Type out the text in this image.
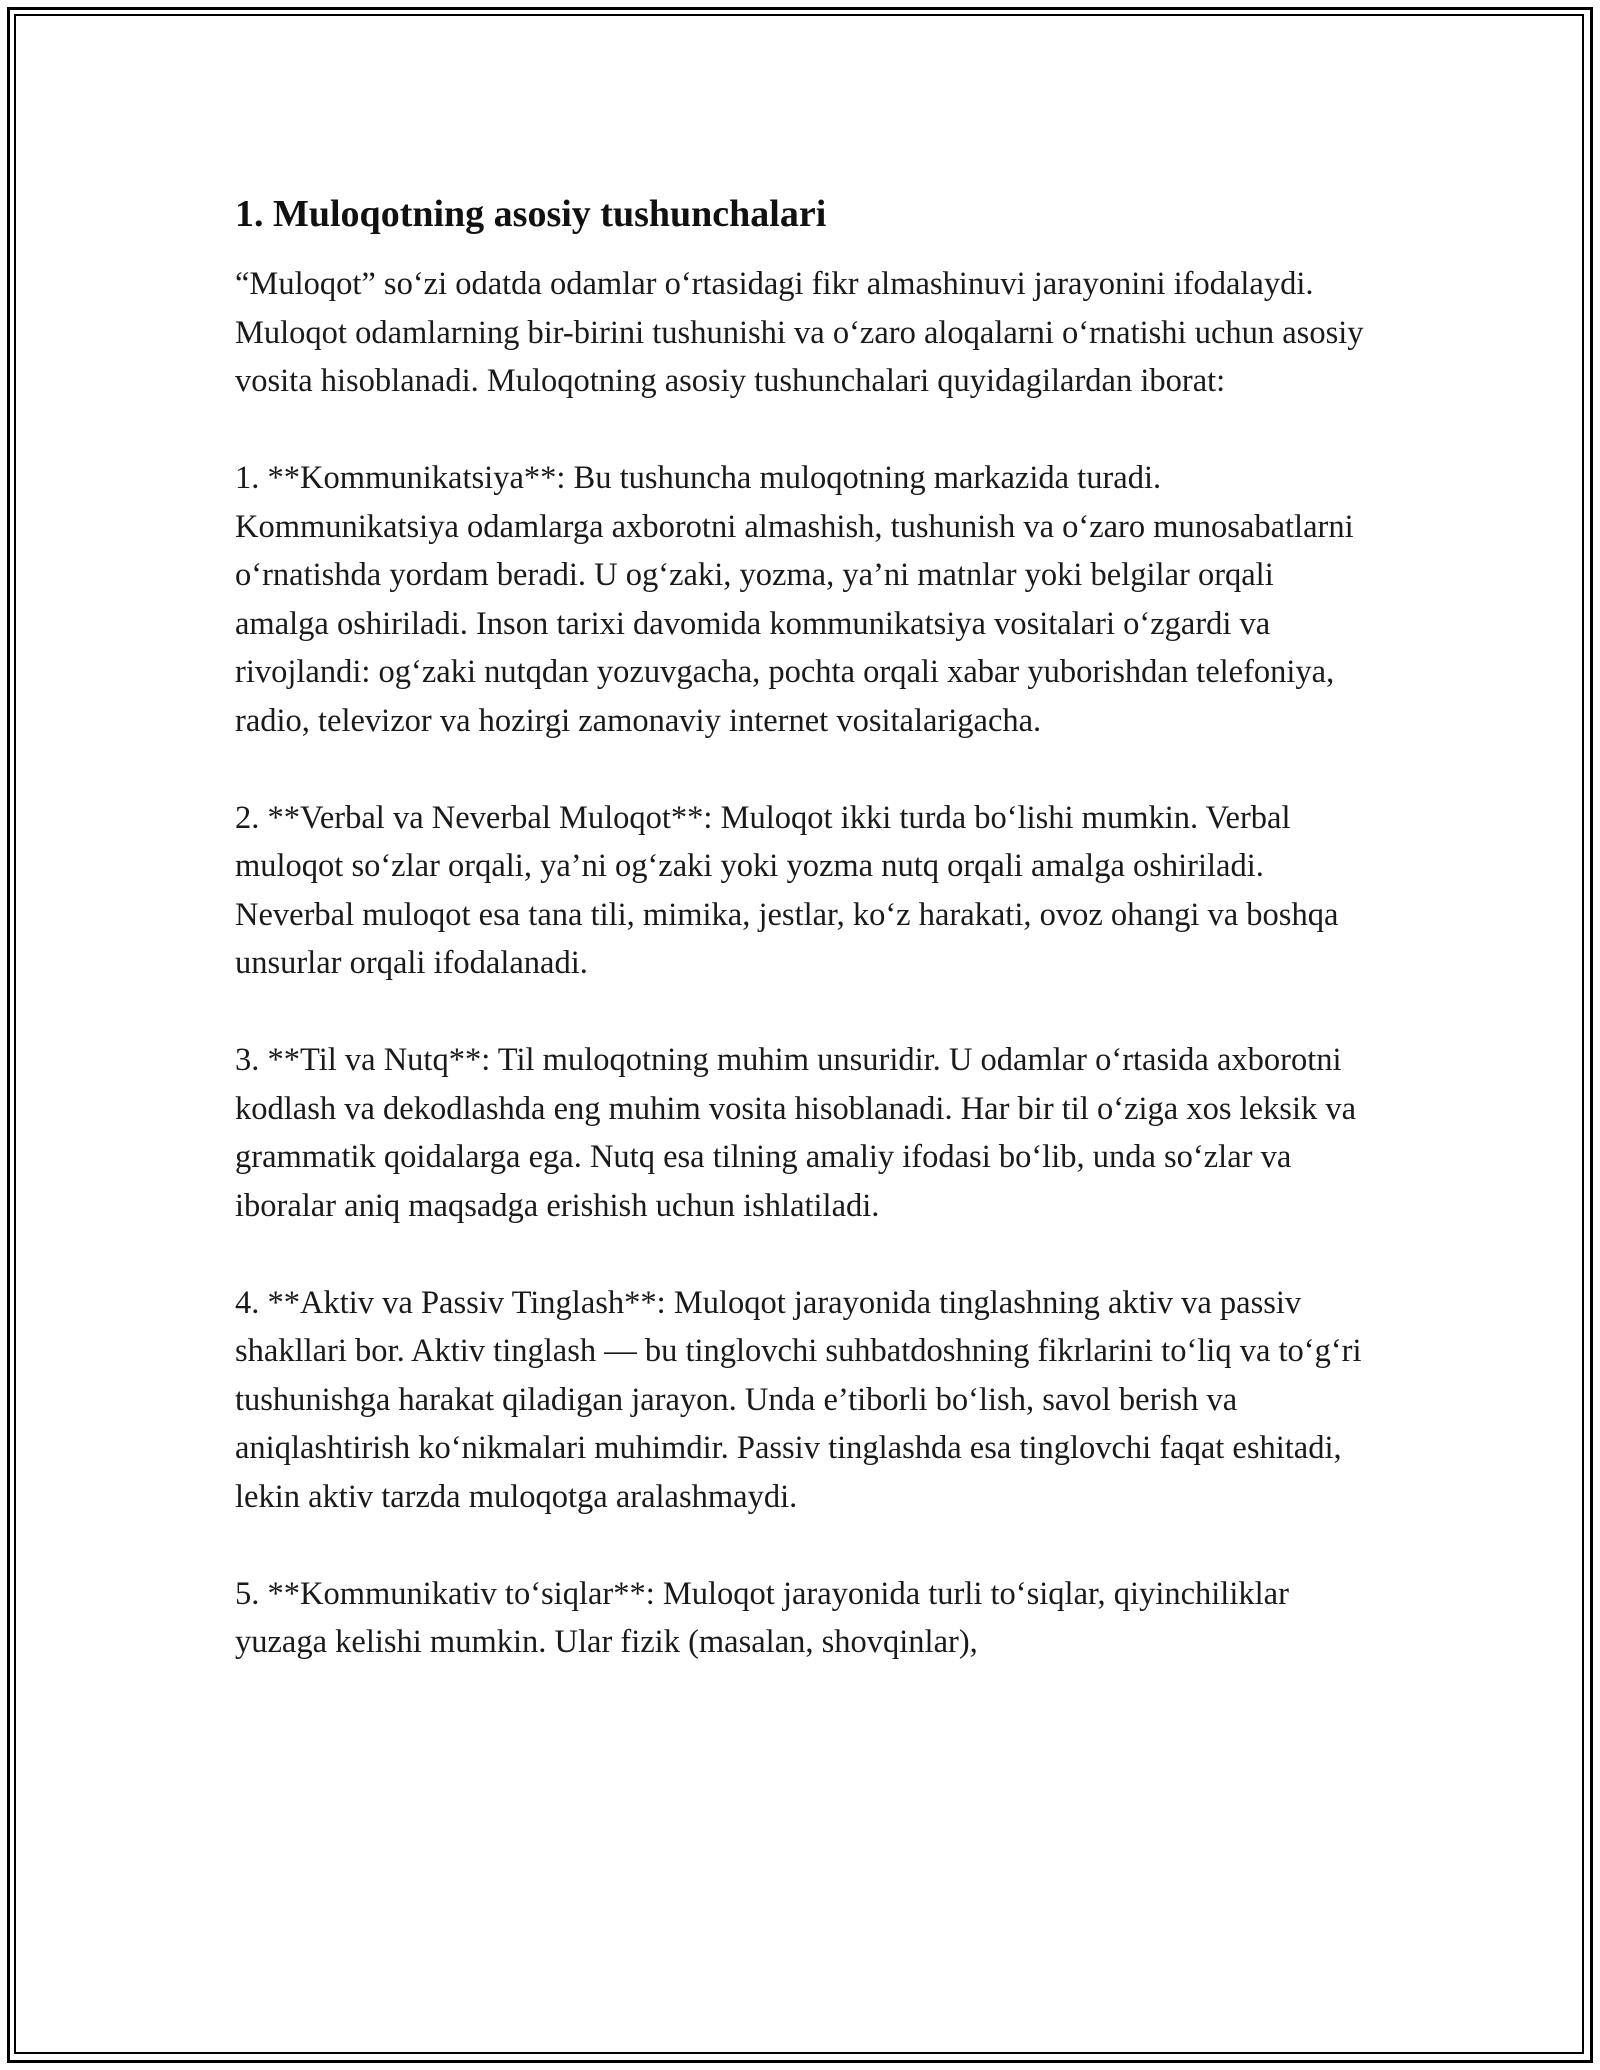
1. Muloqotning asosiy tushunchalari

“Muloqot” so‘zi odatda odamlar o‘rtasidagi fikr almashinuvi jarayonini ifodalaydi. Muloqot odamlarning bir-birini tushunishi va o‘zaro aloqalarni o‘rnatishi uchun asosiy vosita hisoblanadi. Muloqotning asosiy tushunchalari quyidagilardan iborat:

1. **Kommunikatsiya**: Bu tushuncha muloqotning markazida turadi. Kommunikatsiya odamlarga axborotni almashish, tushunish va o‘zaro munosabatlarni o‘rnatishda yordam beradi. U og‘zaki, yozma, ya’ni matnlar yoki belgilar orqali amalga oshiriladi. Inson tarixi davomida kommunikatsiya vositalari o‘zgardi va rivojlandi: og‘zaki nutqdan yozuvgacha, pochta orqali xabar yuborishdan telefoniya, radio, televizor va hozirgi zamonaviy internet vositalarigacha.

2. **Verbal va Neverbal Muloqot**: Muloqot ikki turda bo‘lishi mumkin. Verbal muloqot so‘zlar orqali, ya’ni og‘zaki yoki yozma nutq orqali amalga oshiriladi. Neverbal muloqot esa tana tili, mimika, jestlar, ko‘z harakati, ovoz ohangi va boshqa unsurlar orqali ifodalanadi.

3. **Til va Nutq**: Til muloqotning muhim unsuridir. U odamlar o‘rtasida axborotni kodlash va dekodlashda eng muhim vosita hisoblanadi. Har bir til o‘ziga xos leksik va grammatik qoidalarga ega. Nutq esa tilning amaliy ifodasi bo‘lib, unda so‘zlar va iboralar aniq maqsadga erishish uchun ishlatiladi.

4. **Aktiv va Passiv Tinglash**: Muloqot jarayonida tinglashning aktiv va passiv shakllari bor. Aktiv tinglash — bu tinglovchi suhbatdoshning fikrlarini to‘liq va to‘g‘ri tushunishga harakat qiladigan jarayon. Unda e’tiborli bo‘lish, savol berish va aniqlashtirish ko‘nikmalari muhimdir. Passiv tinglashda esa tinglovchi faqat eshitadi, lekin aktiv tarzda muloqotga aralashmaydi.

5. **Kommunikativ to‘siqlar**: Muloqot jarayonida turli to‘siqlar, qiyinchiliklar yuzaga kelishi mumkin. Ular fizik (masalan, shovqinlar),
